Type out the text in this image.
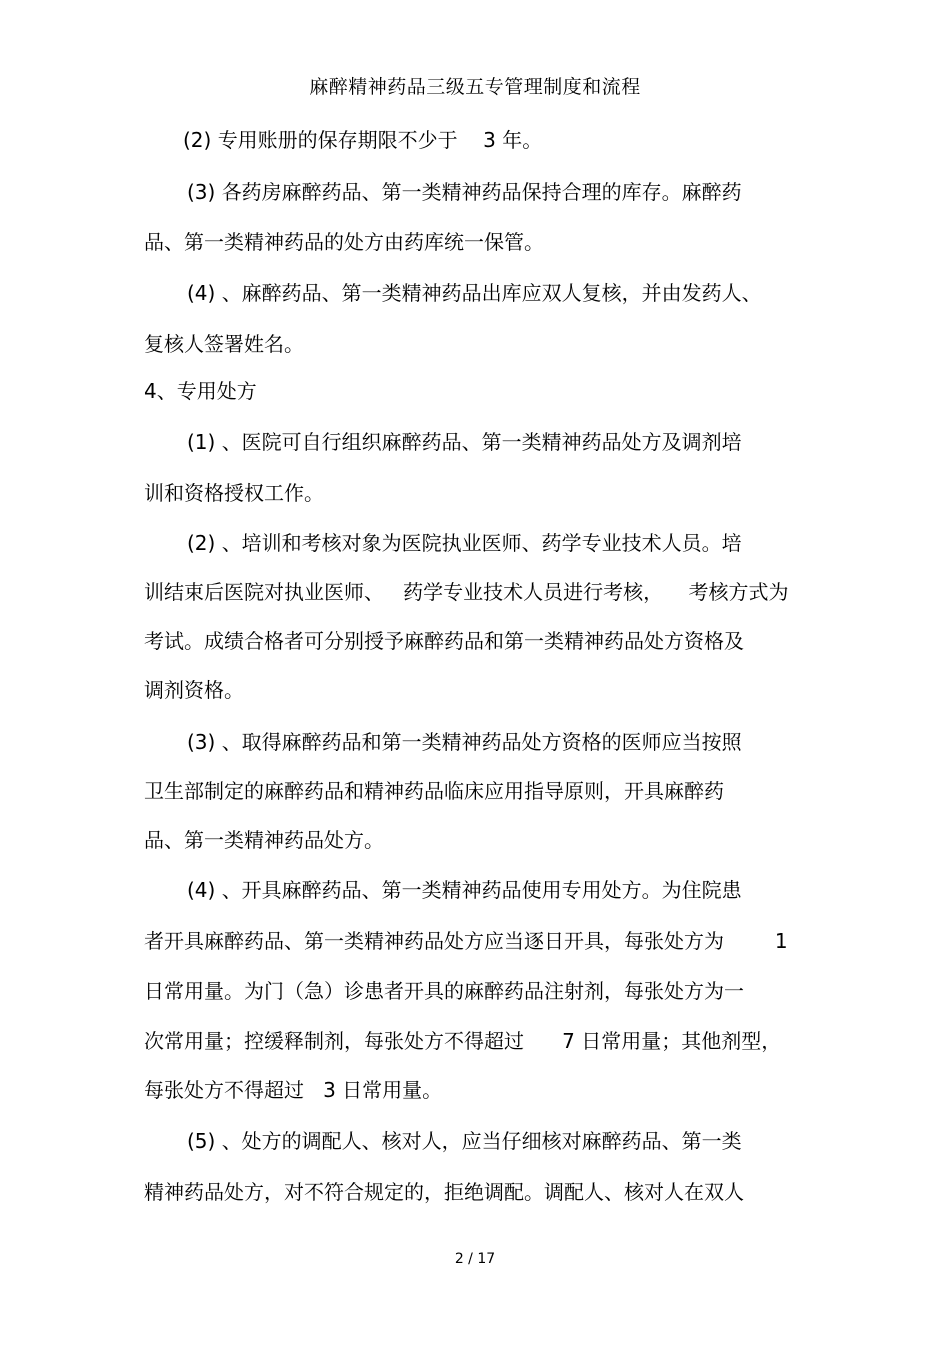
麻醉精神药品三级五专管理制度和流程
(2) 专用账册的保存期限不少于    3 年。
(3) 各药房麻醉药品、第一类精神药品保持合理的库存。麻醉药
品、第一类精神药品的处方由药库统一保管。
(4) 、麻醉药品、第一类精神药品出库应双人复核，并由发药人、
复核人签署姓名。
4、专用处方
(1) 、医院可自行组织麻醉药品、第一类精神药品处方及调剂培
训和资格授权工作。
(2) 、培训和考核对象为医院执业医师、药学专业技术人员。培
训结束后医院对执业医师、   药学专业技术人员进行考核，    考核方式为
考试。成绩合格者可分别授予麻醉药品和第一类精神药品处方资格及
调剂资格。
(3) 、取得麻醉药品和第一类精神药品处方资格的医师应当按照
卫生部制定的麻醉药品和精神药品临床应用指导原则，开具麻醉药
品、第一类精神药品处方。
(4) 、开具麻醉药品、第一类精神药品使用专用处方。为住院患
者开具麻醉药品、第一类精神药品处方应当逐日开具，每张处方为        1
日常用量。为门（急）诊患者开具的麻醉药品注射剂，每张处方为一
次常用量；控缓释制剂，每张处方不得超过      7 日常用量；其他剂型，
每张处方不得超过   3 日常用量。
(5) 、处方的调配人、核对人，应当仔细核对麻醉药品、第一类
精神药品处方，对不符合规定的，拒绝调配。调配人、核对人在双人
2 / 17
